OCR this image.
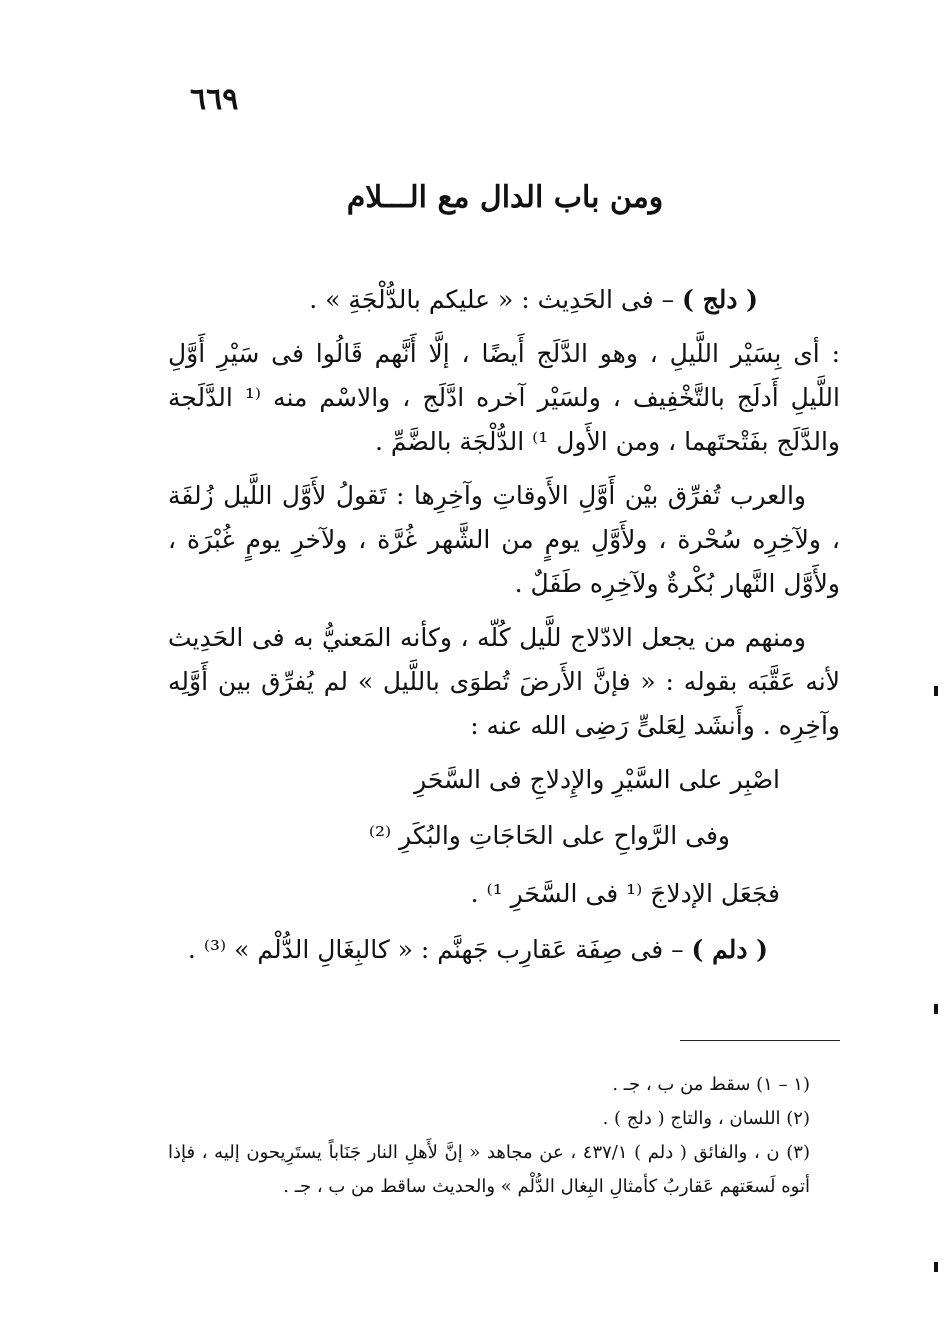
٦٦٩
ومن باب الدال مع الـــلام

( دلج ) – فى الحَدِيث : « عليكم بالدُّلْجَةِ » .

: أى بِسَيْر اللَّيلِ ، وهو الدَّلَج أَيضًا ، إلَّا أَنَّهم قَالُوا فى سَيْرِ أَوَّلِ اللَّيلِ أَدلَج بالتَّخْفِيف ، ولسَيْر آخره ادَّلَج ، والاسْم منه ⁽¹ الدَّلَجة والدَّلَج بفَتْحتَهما ، ومن الأَول ¹⁾ الدُّلْجَة بالضَّمِّ .

والعرب تُفرِّق بيْن أَوَّلِ الأَوقاتِ وآخِرِها : تَقولُ لأَوَّل اللَّيل زُلفَة ، ولآخِرِه سُحْرة ، ولأَوَّلِ يومٍ من الشَّهر غُرَّة ، ولآخرِ يومٍ غُبْرَة ، ولأَوَّل النَّهار بُكْرةٌ ولآخِرِه طَفَلٌ .

ومنهم من يجعل الادّلاج للَّيل كُلّه ، وكأنه المَعنيُّ به فى الحَدِيث لأنه عَقَّبَه بقوله : « فإنَّ الأَرضَ تُطوَى باللَّيل » لم يُفرِّق بين أَوَّلِه وآخِرِه . وأَنشَد لِعَلىٍّ رَضِى الله عنه :

اصْبِر على السَّيْرِ والإِدلاجِ فى السَّحَرِ

وفى الرَّواحِ على الحَاجَاتِ والبُكَرِ ⁽²⁾

فجَعَل الإدلاجَ ⁽¹ فى السَّحَرِ ¹⁾ .

( دلم ) – فى صِفَة عَقارِب جَهنَّم : « كالبِغَالِ الدُّلْم » ⁽³⁾ .

(١ – ١) سقط من ب ، جـ .

(٢) اللسان ، والتاج ( دلج ) .

(٣) ن ، والفائق ( دلم ) ٤٣٧/١ ، عن مجاهد « إنَّ لأَهلِ النار جَنَاباً يستَرِيحون إليه ، فإذا أتوه لَسعَتهم عَقاربُ كأمثالِ البِغال الدُّلْم » والحديث ساقط من ب ، جـ .
